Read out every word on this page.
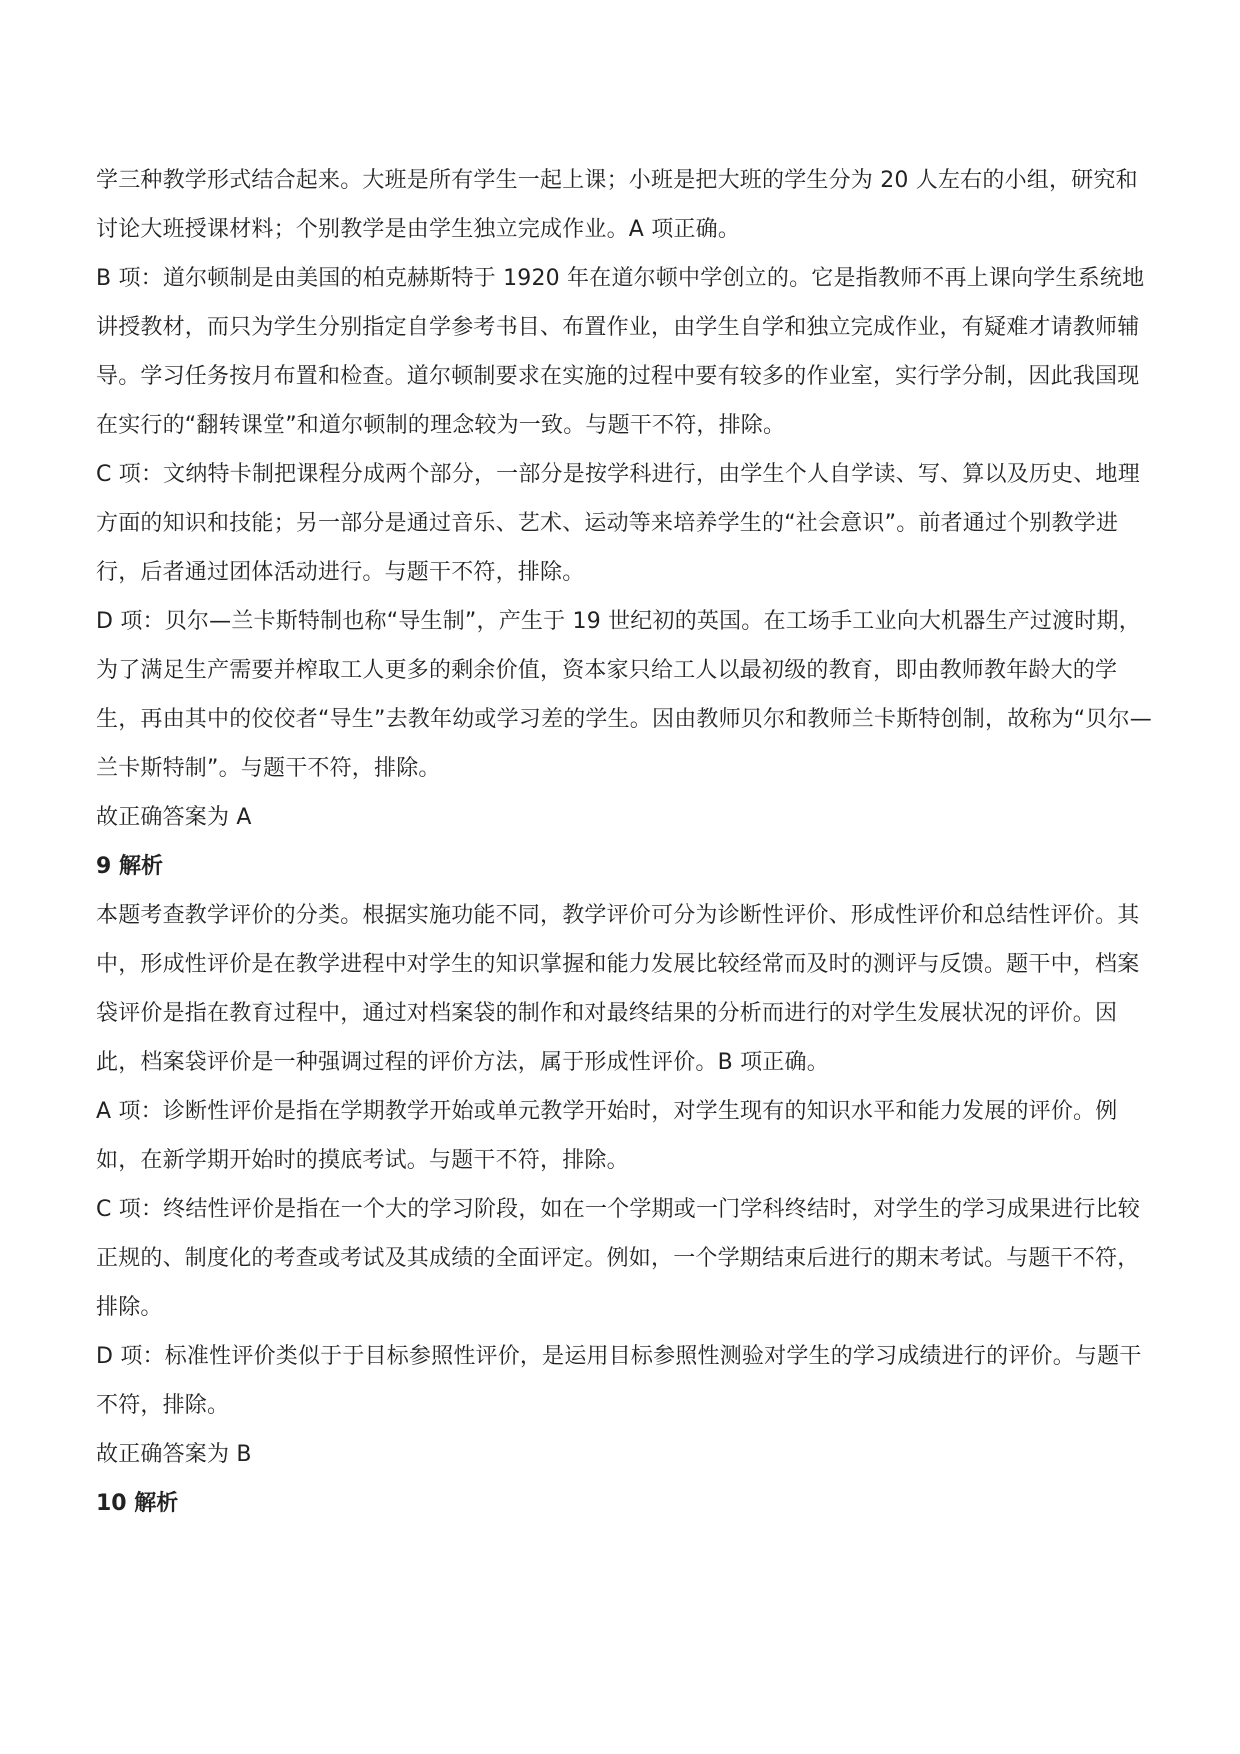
学三种教学形式结合起来。大班是所有学生一起上课；小班是把大班的学生分为 20 人左右的小组，研究和讨论大班授课材料；个别教学是由学生独立完成作业。A 项正确。

B 项：道尔顿制是由美国的柏克赫斯特于 1920 年在道尔顿中学创立的。它是指教师不再上课向学生系统地讲授教材，而只为学生分别指定自学参考书目、布置作业，由学生自学和独立完成作业，有疑难才请教师辅导。学习任务按月布置和检查。道尔顿制要求在实施的过程中要有较多的作业室，实行学分制，因此我国现在实行的“翻转课堂”和道尔顿制的理念较为一致。与题干不符，排除。

C 项：文纳特卡制把课程分成两个部分，一部分是按学科进行，由学生个人自学读、写、算以及历史、地理方面的知识和技能；另一部分是通过音乐、艺术、运动等来培养学生的“社会意识”。前者通过个别教学进行，后者通过团体活动进行。与题干不符，排除。

D 项：贝尔—兰卡斯特制也称“导生制”，产生于 19 世纪初的英国。在工场手工业向大机器生产过渡时期，为了满足生产需要并榨取工人更多的剩余价值，资本家只给工人以最初级的教育，即由教师教年龄大的学生，再由其中的佼佼者“导生”去教年幼或学习差的学生。因由教师贝尔和教师兰卡斯特创制，故称为“贝尔—兰卡斯特制”。与题干不符，排除。

故正确答案为 A

9 解析

本题考查教学评价的分类。根据实施功能不同，教学评价可分为诊断性评价、形成性评价和总结性评价。其中，形成性评价是在教学进程中对学生的知识掌握和能力发展比较经常而及时的测评与反馈。题干中，档案袋评价是指在教育过程中，通过对档案袋的制作和对最终结果的分析而进行的对学生发展状况的评价。因此，档案袋评价是一种强调过程的评价方法，属于形成性评价。B 项正确。

A 项：诊断性评价是指在学期教学开始或单元教学开始时，对学生现有的知识水平和能力发展的评价。例如，在新学期开始时的摸底考试。与题干不符，排除。

C 项：终结性评价是指在一个大的学习阶段，如在一个学期或一门学科终结时，对学生的学习成果进行比较正规的、制度化的考查或考试及其成绩的全面评定。例如，一个学期结束后进行的期末考试。与题干不符，排除。

D 项：标准性评价类似于于目标参照性评价，是运用目标参照性测验对学生的学习成绩进行的评价。与题干不符，排除。

故正确答案为 B

10 解析
